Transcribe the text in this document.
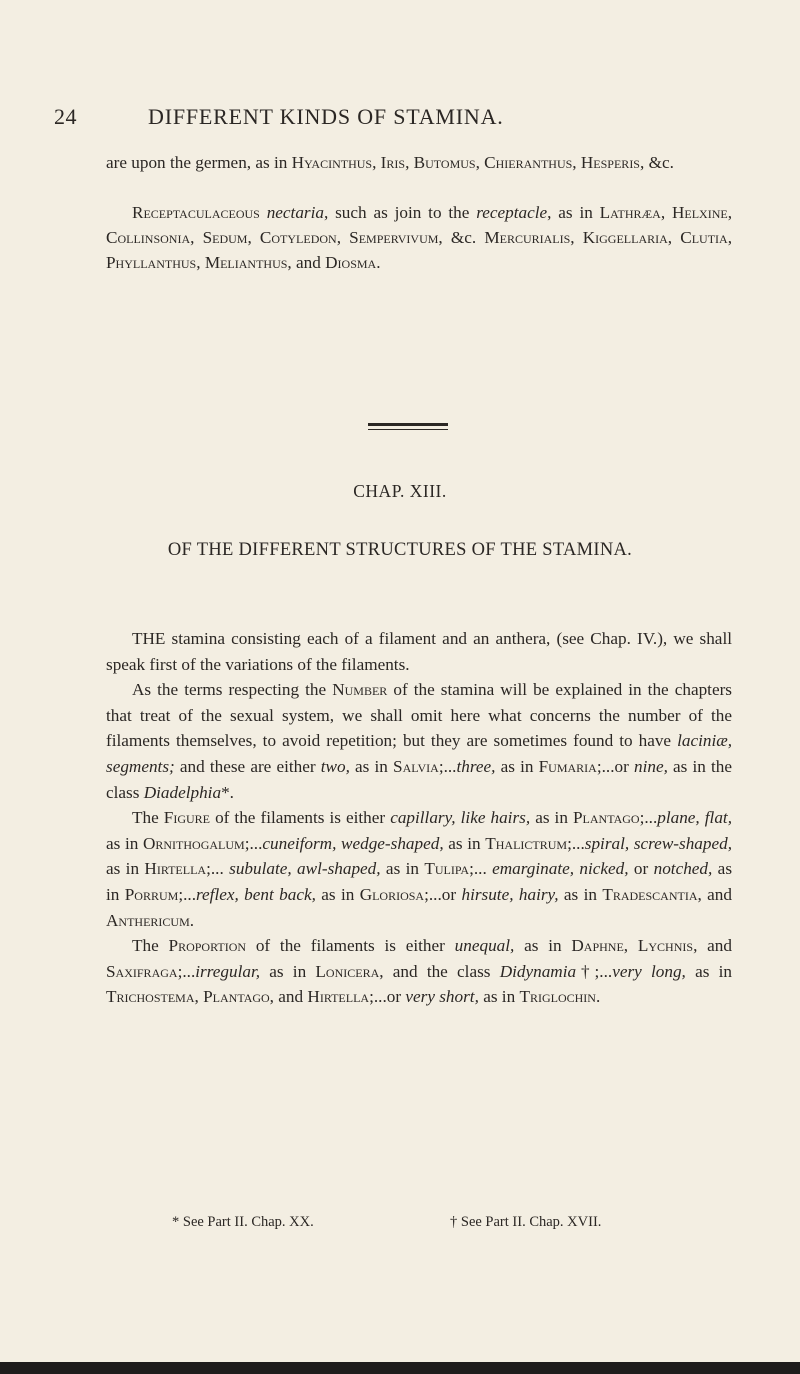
24	DIFFERENT KINDS OF STAMINA.

are upon the germen, as in Hyacinthus, Iris, Butomus, Chieranthus, Hesperis, &c.

Receptaculaceous nectaria, such as join to the receptacle, as in Lathræa, Helxine, Collinsonia, Sedum, Cotyledon, Sempervivum, &c. Mercurialis, Kiggellaria, Clutia, Phyllanthus, Melianthus, and Diosma.

CHAP. XIII.

OF THE DIFFERENT STRUCTURES OF THE STAMINA.

THE stamina consisting each of a filament and an anthera, (see Chap. IV.), we shall speak first of the variations of the filaments.

As the terms respecting the Number of the stamina will be explained in the chapters that treat of the sexual system, we shall omit here what concerns the number of the filaments themselves, to avoid repetition; but they are sometimes found to have laciniæ, segments; and these are either two, as in Salvia;...three, as in Fumaria;...or nine, as in the class Diadelphia*.

The Figure of the filaments is either capillary, like hairs, as in Plantago;...plane, flat, as in Ornithogalum;...cuneiform, wedge-shaped, as in Thalictrum;...spiral, screw-shaped, as in Hirtella;... subulate, awl-shaped, as in Tulipa;... emarginate, nicked, or notched, as in Porrum;...reflex, bent back, as in Gloriosa;...or hirsute, hairy, as in Tradescantia, and Anthericum.

The Proportion of the filaments is either unequal, as in Daphne, Lychnis, and Saxifraga;...irregular, as in Lonicera, and the class Didynamia†;...very long, as in Trichostema, Plantago, and Hirtella;...or very short, as in Triglochin.

* See Part II. Chap. XX.	† See Part II. Chap. XVII.
